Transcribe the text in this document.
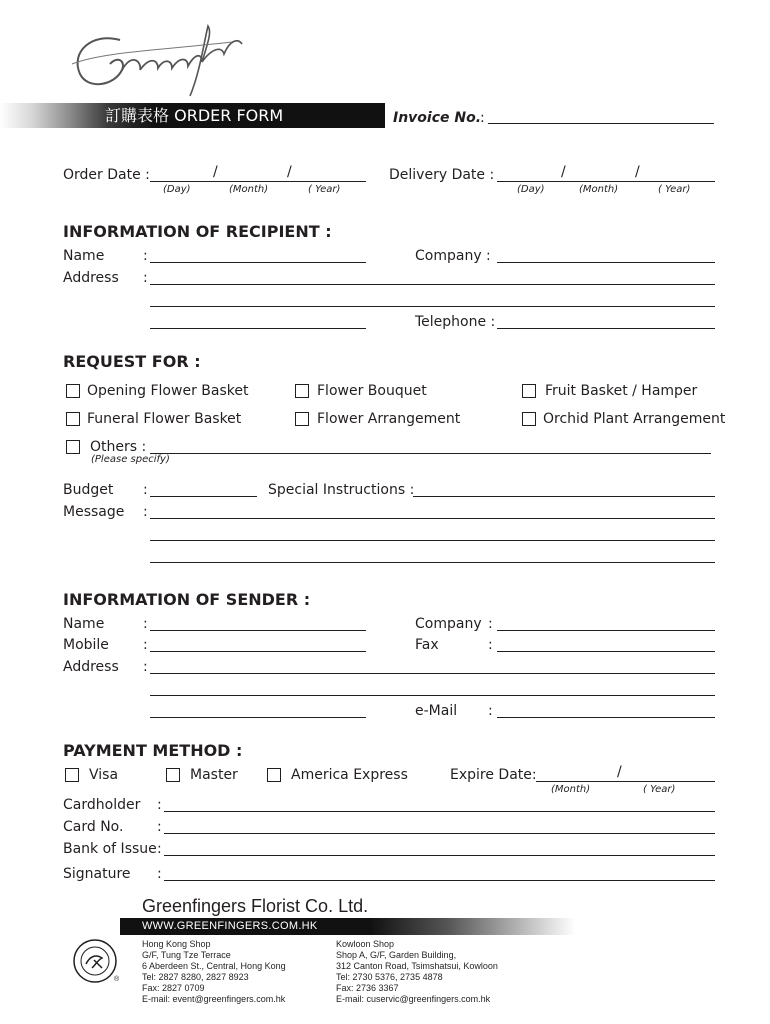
訂購表格 ORDER FORM	Invoice No.
:
Order Date :	/	/
(Day)	(Month)	( Year)
Delivery Date :	/	/
(Day)	(Month)	( Year)
INFORMATION OF RECIPIENT :
Name	:	Company :
Address :
Telephone :
REQUEST FOR :
Opening Flower Basket	Flower Bouquet	Fruit Basket / Hamper
Funeral Flower Basket	Flower Arrangement	Orchid Plant Arrangement
Others :
(Please specify)
Budget :	Special Instructions :
Message :
INFORMATION OF SENDER :
Name	:	Company :
Mobile :	Fax	:
Address :
e-Mail :
PAYMENT METHOD :
Visa	Master	America Express	Expire Date:	/
(Month)	( Year)
Cardholder :
Card No. :
Bank of Issue :
Signature :
Greenfingers Florist Co. Ltd.
WWW.GREENFINGERS.COM.HK
®
Hong Kong Shop
G/F, Tung Tze Terrace
6 Aberdeen St., Central, Hong Kong
Tel: 2827 8280, 2827 8923
Fax: 2827 0709
E-mail: event@greenfingers.com.hk
Kowloon Shop
Shop A, G/F, Garden Building,
312 Canton Road, Tsimshatsui, Kowloon
Tel: 2730 5376, 2735 4878
Fax: 2736 3367
E-mail: cuservic@greenfingers.com.hk
